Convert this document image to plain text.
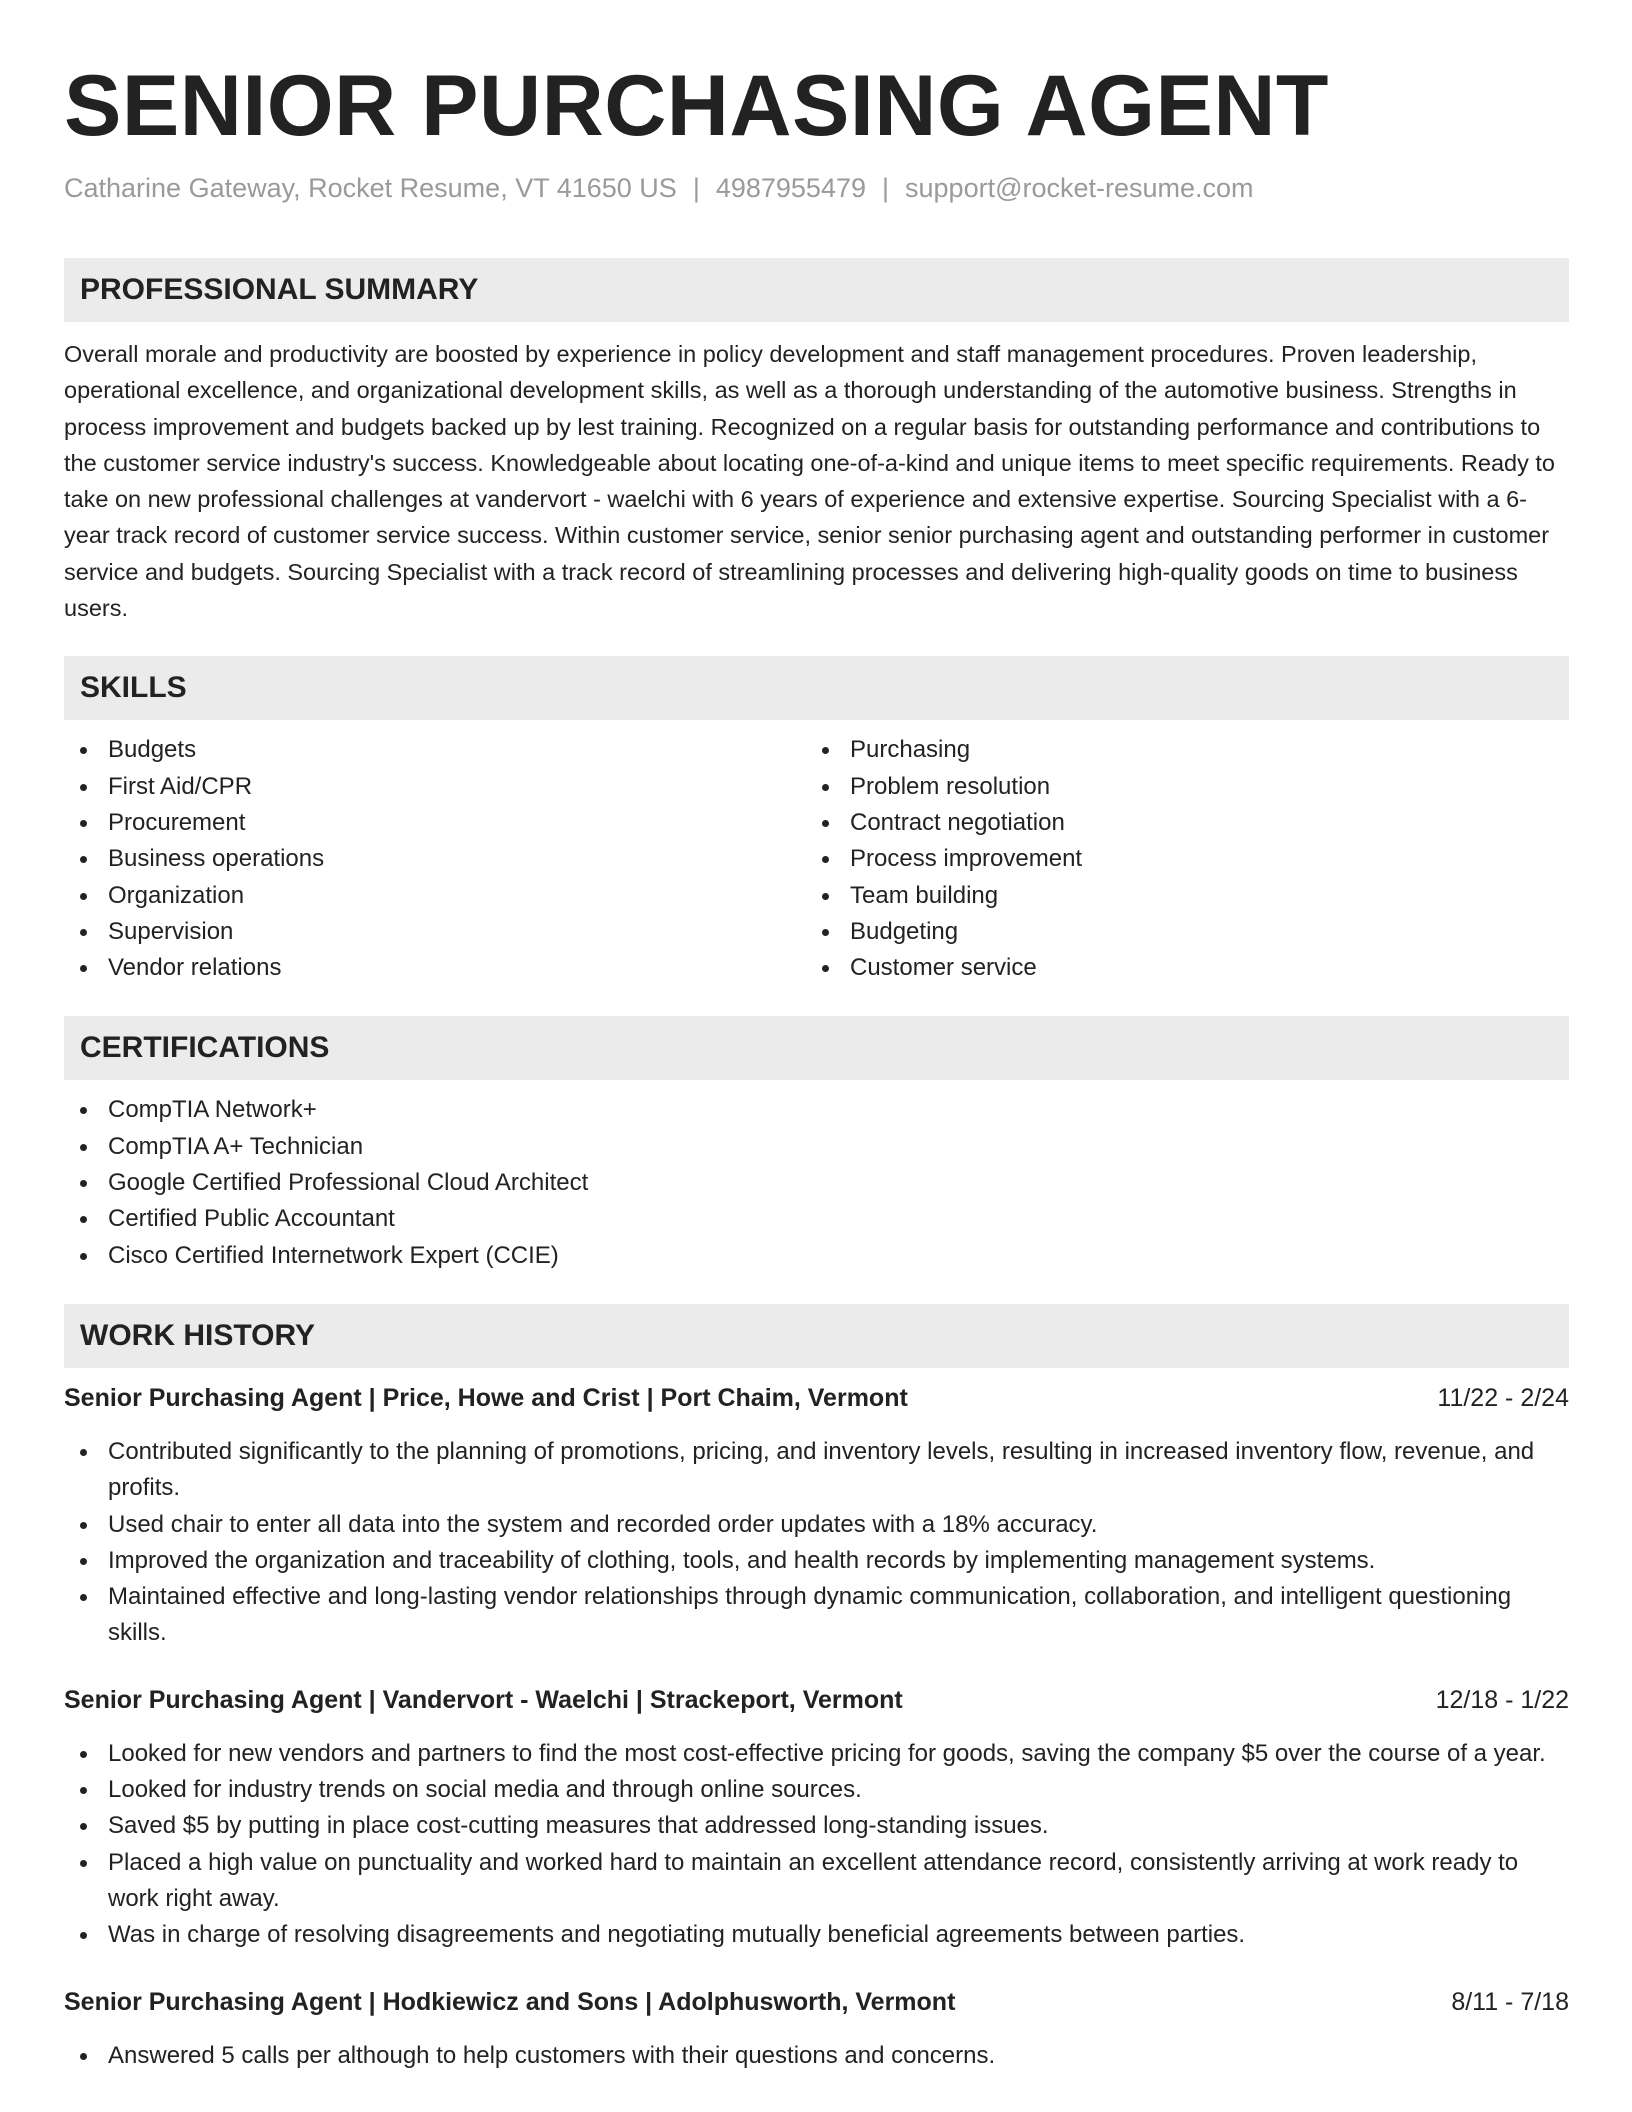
SENIOR PURCHASING AGENT
Catharine Gateway, Rocket Resume, VT 41650 US | 4987955479 | support@rocket-resume.com
PROFESSIONAL SUMMARY

Overall morale and productivity are boosted by experience in policy development and staff management procedures. Proven leadership, operational excellence, and organizational development skills, as well as a thorough understanding of the automotive business. Strengths in process improvement and budgets backed up by lest training. Recognized on a regular basis for outstanding performance and contributions to the customer service industry's success. Knowledgeable about locating one-of-a-kind and unique items to meet specific requirements. Ready to take on new professional challenges at vandervort - waelchi with 6 years of experience and extensive expertise. Sourcing Specialist with a 6-year track record of customer service success. Within customer service, senior senior purchasing agent and outstanding performer in customer service and budgets. Sourcing Specialist with a track record of streamlining processes and delivering high-quality goods on time to business users.

SKILLS
Budgets
First Aid/CPR
Procurement
Business operations
Organization
Supervision
Vendor relations
Purchasing
Problem resolution
Contract negotiation
Process improvement
Team building
Budgeting
Customer service
CERTIFICATIONS
CompTIA Network+
CompTIA A+ Technician
Google Certified Professional Cloud Architect
Certified Public Accountant
Cisco Certified Internetwork Expert (CCIE)
WORK HISTORY
Senior Purchasing Agent | Price, Howe and Crist | Port Chaim, Vermont	11/22 - 2/24
Contributed significantly to the planning of promotions, pricing, and inventory levels, resulting in increased inventory flow, revenue, and profits.
Used chair to enter all data into the system and recorded order updates with a 18% accuracy.
Improved the organization and traceability of clothing, tools, and health records by implementing management systems.
Maintained effective and long-lasting vendor relationships through dynamic communication, collaboration, and intelligent questioning skills.
Senior Purchasing Agent | Vandervort - Waelchi | Strackeport, Vermont	12/18 - 1/22
Looked for new vendors and partners to find the most cost-effective pricing for goods, saving the company $5 over the course of a year.
Looked for industry trends on social media and through online sources.
Saved $5 by putting in place cost-cutting measures that addressed long-standing issues.
Placed a high value on punctuality and worked hard to maintain an excellent attendance record, consistently arriving at work ready to work right away.
Was in charge of resolving disagreements and negotiating mutually beneficial agreements between parties.
Senior Purchasing Agent | Hodkiewicz and Sons | Adolphusworth, Vermont	8/11 - 7/18
Answered 5 calls per although to help customers with their questions and concerns.
